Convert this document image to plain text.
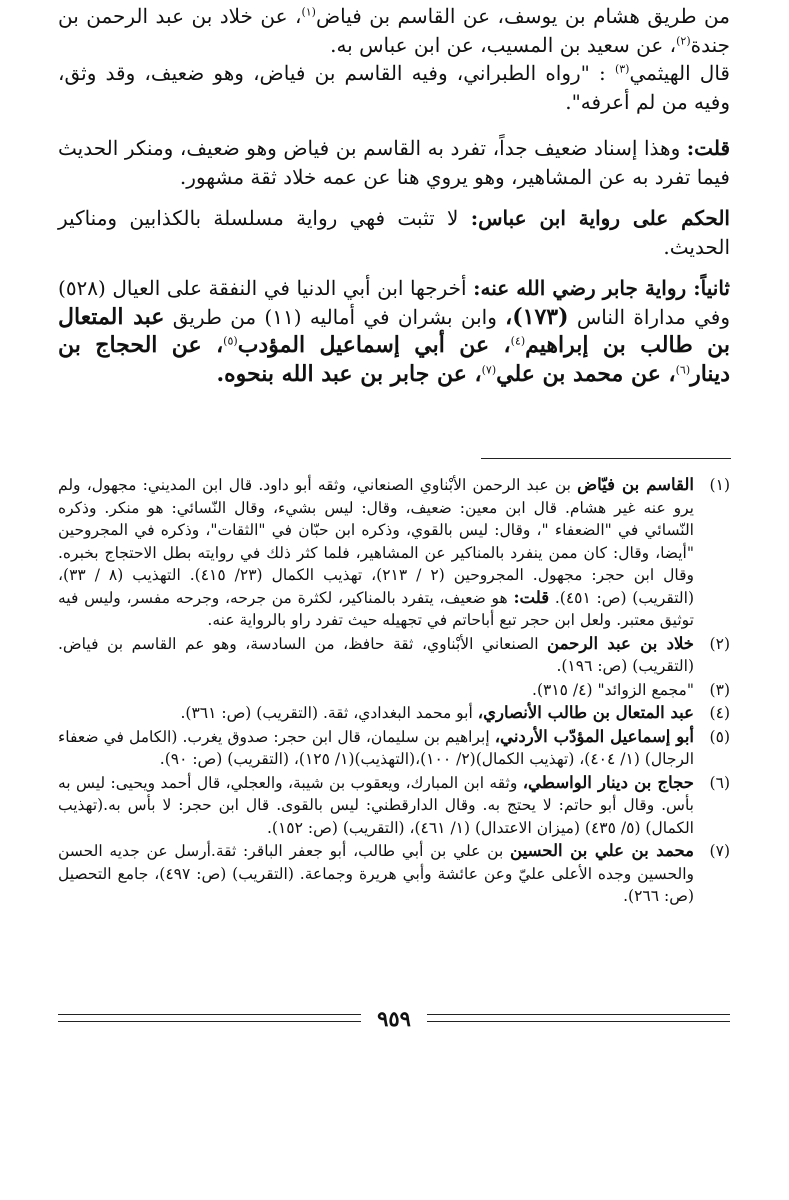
من طريق هشام بن يوسف، عن القاسم بن فياض$^{(١)}$، عن خلاد بن عبد الرحمن بن جندة$^{(٢)}$، عن سعيد بن المسيب، عن ابن عباس به.

قال الهيثمي$^{(٣)}$ : "رواه الطبراني، وفيه القاسم بن فياض، وهو ضعيف، وقد وثق، وفيه من لم أعرفه".

قلت: وهذا إسناد ضعيف جداً، تفرد به القاسم بن فياض وهو ضعيف، ومنكر الحديث فيما تفرد به عن المشاهير، وهو يروي هنا عن عمه خلاد ثقة مشهور.

الحكم على رواية ابن عباس: لا تثبت فهي رواية مسلسلة بالكذابين ومناكير الحديث.

ثانياً: رواية جابر رضي الله عنه: أخرجها ابن أبي الدنيا في النفقة على العيال (٥٢٨) وفي مداراة الناس (١٧٣)، وابن بشران في أماليه (١١) من طريق عبد المتعال بن طالب بن إبراهيم$^{(٤)}$، عن أبي إسماعيل المؤدب$^{(٥)}$، عن الحجاج بن دينار$^{(٦)}$، عن محمد بن علي$^{(٧)}$، عن جابر بن عبد الله بنحوه.

(١)
القاسم بن فيّاض بن عبد الرحمن الأبْناوي الصنعاني، وثقه أبو داود. قال ابن المديني: مجهول، ولم يرو عنه غير هشام. قال ابن معين: ضعيف، وقال: ليس بشيء، وقال النّسائي: هو منكر. وذكره النّسائي في "الضعفاء "، وقال: ليس بالقوي، وذكره ابن حبّان في "الثقات"، وذكره في المجروحين "أيضا، وقال: كان ممن ينفرد بالمناكير عن المشاهير، فلما كثر ذلك في روايته بطل الاحتجاج بخبره. وقال ابن حجر: مجهول. المجروحين (٢ / ٢١٣)، تهذيب الكمال (٢٣/ ٤١٥). التهذيب (٨ / ٣٣)، (التقريب) (ص: ٤٥١). قلت: هو ضعيف، يتفرد بالمناكير، لكثرة من جرحه، وجرحه مفسر، وليس فيه توثيق معتبر. ولعل ابن حجر تبع أباحاتم في تجهيله حيث تفرد راو بالرواية عنه.
(٢)
خلاد بن عبد الرحمن الصنعاني الأبْناوي، ثقة حافظ، من السادسة، وهو عم القاسم بن فياض. (التقريب) (ص: ١٩٦).
(٣)
"مجمع الزوائد" (٤/ ٣١٥).
(٤)
عبد المتعال بن طالب الأنصاري، أبو محمد البغدادي، ثقة. (التقريب) (ص: ٣٦١).
(٥)
أبو إسماعيل المؤدّب الأردني، إبراهيم بن سليمان، قال ابن حجر: صدوق يغرب. (الكامل في ضعفاء الرجال) (١/ ٤٠٤)، (تهذيب الكمال)(٢/ ١٠٠)،(التهذيب)(١/ ١٢٥)، (التقريب) (ص: ٩٠).
(٦)
حجاج بن دينار الواسطي، وثقه ابن المبارك، ويعقوب بن شيبة، والعجلي، قال أحمد ويحيى: ليس به بأس. وقال أبو حاتم: لا يحتج به. وقال الدارقطني: ليس بالقوى. قال ابن حجر: لا بأس به.(تهذيب الكمال) (٥/ ٤٣٥) (ميزان الاعتدال) (١/ ٤٦١)، (التقريب) (ص: ١٥٢).
(٧)
محمد بن علي بن الحسين بن علي بن أبي طالب، أبو جعفر الباقر: ثقة.أرسل عن جديه الحسن والحسين وجده الأعلى عليّ وعن عائشة وأبي هريرة وجماعة. (التقريب) (ص: ٤٩٧)، جامع التحصيل (ص: ٢٦٦).
٩٥٩
